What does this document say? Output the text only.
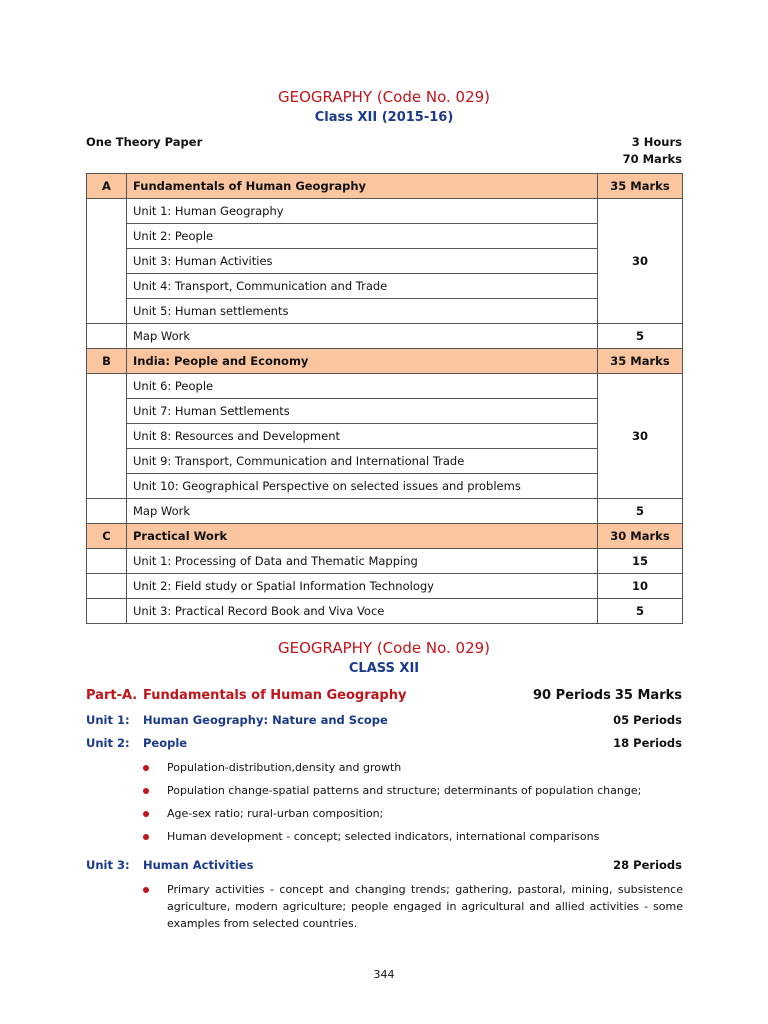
GEOGRAPHY (Code No. 029)
Class XII (2015-16)
One Theory Paper	3 Hours
70 Marks
A	Fundamentals of Human Geography	35 Marks
	Unit 1: Human Geography	30
	Unit 2: People	
	Unit 3: Human Activities	
	Unit 4: Transport, Communication and Trade	
	Unit 5: Human settlements	
	Map Work	5
B	India: People and Economy	35 Marks
	Unit 6: People	30
	Unit 7: Human Settlements	
	Unit 8: Resources and Development	
	Unit 9: Transport, Communication and International Trade	
	Unit 10: Geographical Perspective on selected issues and problems	
	Map Work	5
C	Practical Work	30 Marks
	Unit 1: Processing of Data and Thematic Mapping	15
	Unit 2: Field study or Spatial Information Technology	10
	Unit 3: Practical Record Book and Viva Voce	5
GEOGRAPHY (Code No. 029)
CLASS XII
Part-A. Fundamentals of Human Geography	90 Periods 35 Marks
Unit 1: Human Geography: Nature and Scope	05 Periods
Unit 2: People	18 Periods
Population-distribution,density and growth
Population change-spatial patterns and structure; determinants of population change;
Age-sex ratio; rural-urban composition;
Human development - concept; selected indicators, international comparisons
Unit 3: Human Activities	28 Periods
Primary activities - concept and changing trends; gathering, pastoral, mining, subsistence agriculture, modern agriculture; people engaged in agricultural and allied activities - some examples from selected countries.
344
